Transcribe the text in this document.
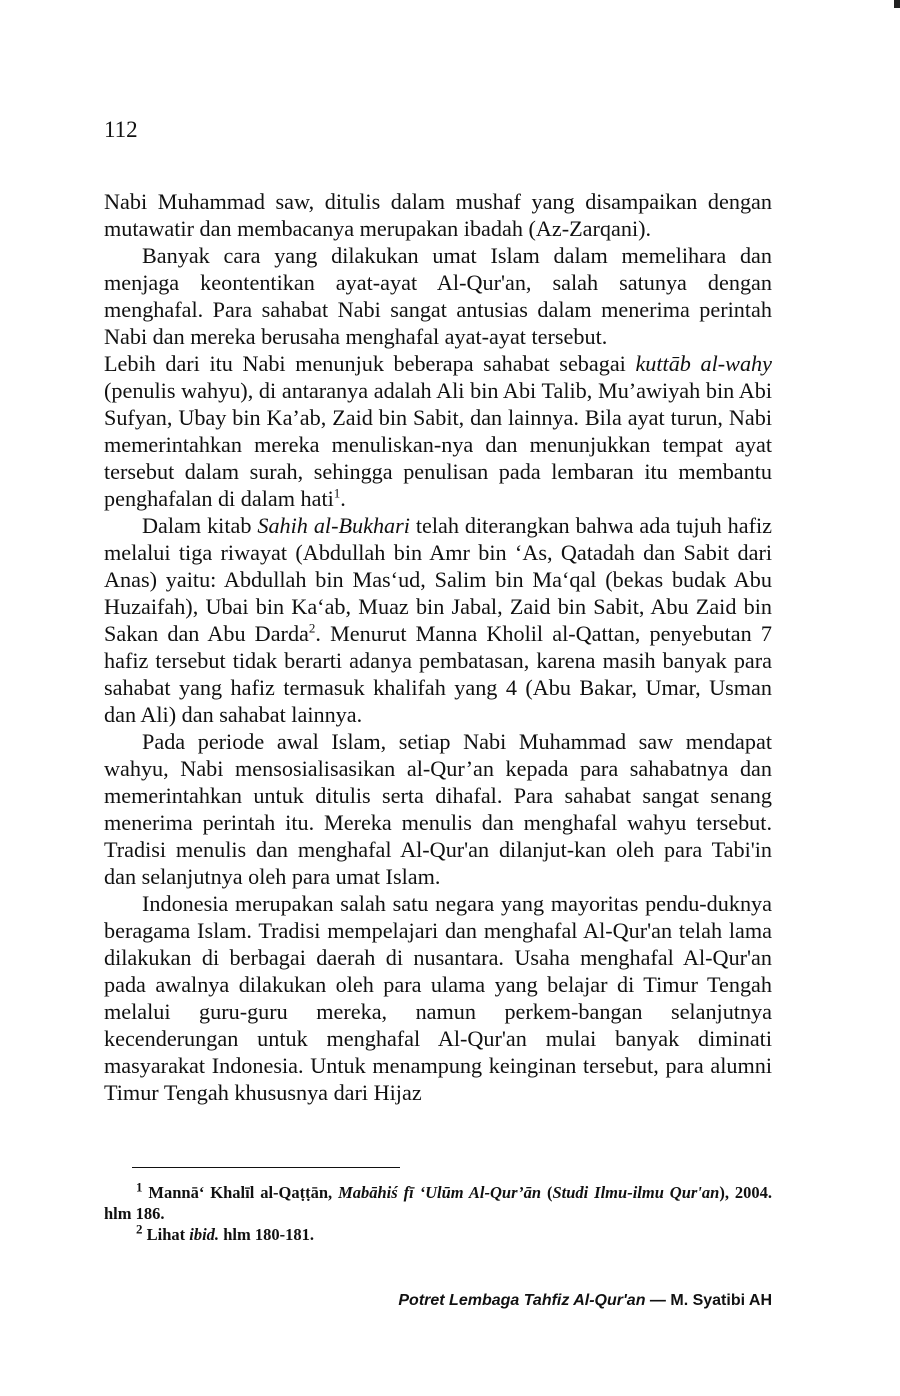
112

Nabi Muhammad saw, ditulis dalam mushaf yang disampaikan dengan mutawatir dan membacanya merupakan ibadah (Az-Zarqani).

Banyak cara yang dilakukan umat Islam dalam memelihara dan menjaga keontentikan ayat-ayat Al-Qur'an, salah satunya dengan menghafal. Para sahabat Nabi sangat antusias dalam menerima perintah Nabi dan mereka berusaha menghafal ayat-ayat tersebut.

Lebih dari itu Nabi menunjuk beberapa sahabat sebagai kuttāb al-wahy (penulis wahyu), di antaranya adalah Ali bin Abi Talib, Mu’awiyah bin Abi Sufyan, Ubay bin Ka’ab, Zaid bin Sabit, dan lainnya. Bila ayat turun, Nabi memerintahkan mereka menuliskan-nya dan menunjukkan tempat ayat tersebut dalam surah, sehingga penulisan pada lembaran itu membantu penghafalan di dalam hati$^1$.

Dalam kitab Sahih al-Bukhari telah diterangkan bahwa ada tujuh hafiz melalui tiga riwayat (Abdullah bin Amr bin ‘As, Qatadah dan Sabit dari Anas) yaitu: Abdullah bin Mas‘ud, Salim bin Ma‘qal (bekas budak Abu Huzaifah), Ubai bin Ka‘ab, Muaz bin Jabal, Zaid bin Sabit, Abu Zaid bin Sakan dan Abu Darda$^2$. Menurut Manna Kholil al-Qattan, penyebutan 7 hafiz tersebut tidak berarti adanya pembatasan, karena masih banyak para sahabat yang hafiz termasuk khalifah yang 4 (Abu Bakar, Umar, Usman dan Ali) dan sahabat lainnya.

Pada periode awal Islam, setiap Nabi Muhammad saw mendapat wahyu, Nabi mensosialisasikan al-Qur’an kepada para sahabatnya dan memerintahkan untuk ditulis serta dihafal. Para sahabat sangat senang menerima perintah itu. Mereka menulis dan menghafal wahyu tersebut. Tradisi menulis dan menghafal Al-Qur'an dilanjut-kan oleh para Tabi'in dan selanjutnya oleh para umat Islam.

Indonesia merupakan salah satu negara yang mayoritas pendu-duknya beragama Islam. Tradisi mempelajari dan menghafal Al-Qur'an telah lama dilakukan di berbagai daerah di nusantara. Usaha menghafal Al-Qur'an pada awalnya dilakukan oleh para ulama yang belajar di Timur Tengah melalui guru-guru mereka, namun perkem-bangan selanjutnya kecenderungan untuk menghafal Al-Qur'an mulai banyak diminati masyarakat Indonesia. Untuk menampung keinginan tersebut, para alumni Timur Tengah khususnya dari Hijaz

$^1$ Mannā‘ Khalīl al-Qaṭṭān, Mabāhiś fī ‘Ulūm Al-Qur’ān (Studi Ilmu-ilmu Qur'an), 2004. hlm 186.

$^2$ Lihat ibid. hlm 180-181.

Potret Lembaga Tahfiz Al-Qur'an — M. Syatibi AH
